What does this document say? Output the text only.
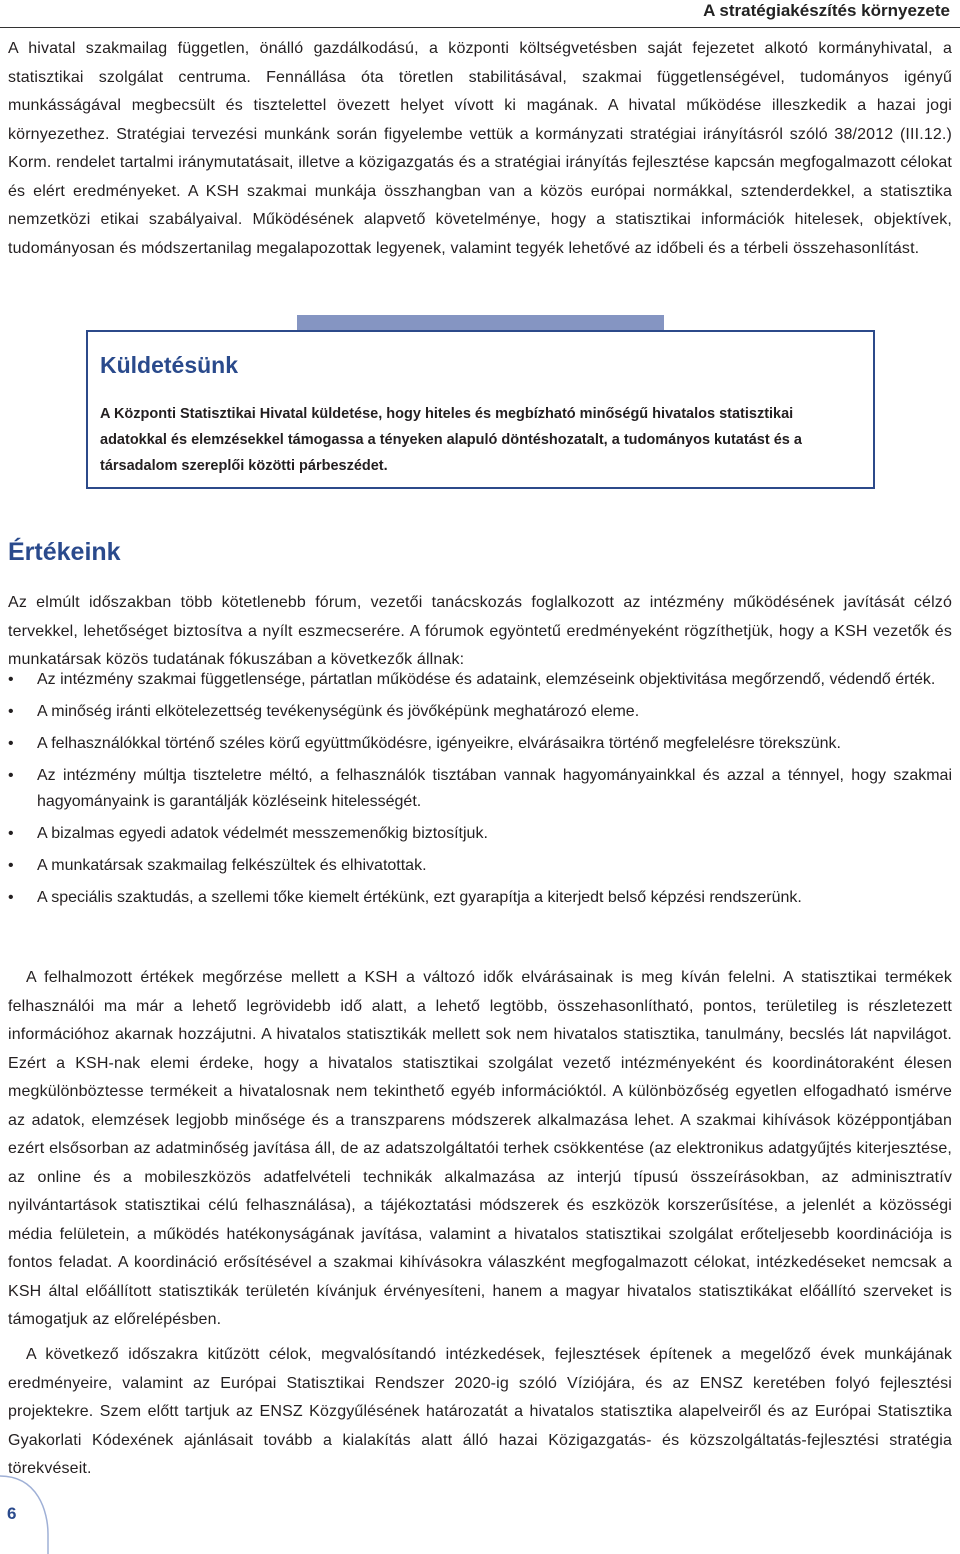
A stratégiakészítés környezete

A hivatal szakmailag független, önálló gazdálkodású, a központi költségvetésben saját fejezetet alkotó kormányhivatal, a statisztikai szolgálat centruma. Fennállása óta töretlen stabilitásával, szakmai függetlenségével, tudományos igényű munkásságával megbecsült és tisztelettel övezett helyet vívott ki magának. A hivatal működése illeszkedik a hazai jogi környezethez. Stratégiai tervezési munkánk során figyelembe vettük a kormányzati stratégiai irányításról szóló 38/2012 (III.12.) Korm. rendelet tartalmi iránymutatásait, illetve a közigazgatás és a stratégiai irányítás fejlesztése kapcsán megfogalmazott célokat és elért eredményeket. A KSH szakmai munkája összhangban van a közös európai normákkal, sztenderdekkel, a statisztika nemzetközi etikai szabályaival. Működésének alapvető követelménye, hogy a statisztikai információk hitelesek, objektívek, tudományosan és módszertanilag megalapozottak legyenek, valamint tegyék lehetővé az időbeli és a térbeli összehasonlítást.

Küldetésünk

A Központi Statisztikai Hivatal küldetése, hogy hiteles és megbízható minőségű hivatalos statisztikai adatokkal és elemzésekkel támogassa a tényeken alapuló döntéshozatalt, a tudományos kutatást és a társadalom szereplői közötti párbeszédet.

Értékeink

Az elmúlt időszakban több kötetlenebb fórum, vezetői tanácskozás foglalkozott az intézmény működésének javítását célzó tervekkel, lehetőséget biztosítva a nyílt eszmecserére. A fórumok egyöntetű eredményeként rögzíthetjük, hogy a KSH vezetők és munkatársak közös tudatának fókuszában a következők állnak:

• Az intézmény szakmai függetlensége, pártatlan működése és adataink, elemzéseink objektivitása megőrzendő, védendő érték.
• A minőség iránti elkötelezettség tevékenységünk és jövőképünk meghatározó eleme.
• A felhasználókkal történő széles körű együttműködésre, igényeikre, elvárásaikra történő megfelelésre törekszünk.
• Az intézmény múltja tiszteletre méltó, a felhasználók tisztában vannak hagyományainkkal és azzal a ténnyel, hogy szakmai hagyományaink is garantálják közléseink hitelességét.
• A bizalmas egyedi adatok védelmét messzemenőkig biztosítjuk.
• A munkatársak szakmailag felkészültek és elhivatottak.
• A speciális szaktudás, a szellemi tőke kiemelt értékünk, ezt gyarapítja a kiterjedt belső képzési rendszerünk.

A felhalmozott értékek megőrzése mellett a KSH a változó idők elvárásainak is meg kíván felelni. A statisztikai termékek felhasználói ma már a lehető legrövidebb idő alatt, a lehető legtöbb, összehasonlítható, pontos, területileg is részletezett információhoz akarnak hozzájutni. A hivatalos statisztikák mellett sok nem hivatalos statisztika, tanulmány, becslés lát napvilágot. Ezért a KSH-nak elemi érdeke, hogy a hivatalos statisztikai szolgálat vezető intézményeként és koordinátoraként élesen megkülönböztesse termékeit a hivatalosnak nem tekinthető egyéb információktól. A különbözőség egyetlen elfogadható ismérve az adatok, elemzések legjobb minősége és a transzparens módszerek alkalmazása lehet. A szakmai kihívások középpontjában ezért elsősorban az adatminőség javítása áll, de az adatszolgáltatói terhek csökkentése (az elektronikus adatgyűjtés kiterjesztése, az online és a mobileszközös adatfelvételi technikák alkalmazása az interjú típusú összeírásokban, az adminisztratív nyilvántartások statisztikai célú felhasználása), a tájékoztatási módszerek és eszközök korszerűsítése, a jelenlét a közösségi média felületein, a működés hatékonyságának javítása, valamint a hivatalos statisztikai szolgálat erőteljesebb koordinációja is fontos feladat. A koordináció erősítésével a szakmai kihívásokra válaszként megfogalmazott célokat, intézkedéseket nemcsak a KSH által előállított statisztikák területén kívánjuk érvényesíteni, hanem a magyar hivatalos statisztikákat előállító szerveket is támogatjuk az előrelépésben.

A következő időszakra kitűzött célok, megvalósítandó intézkedések, fejlesztések építenek a megelőző évek munkájának eredményeire, valamint az Európai Statisztikai Rendszer 2020-ig szóló Víziójára, és az ENSZ keretében folyó fejlesztési projektekre. Szem előtt tartjuk az ENSZ Közgyűlésének határozatát a hivatalos statisztika alapelveiről és az Európai Statisztika Gyakorlati Kódexének ajánlásait tovább a kialakítás alatt álló hazai Közigazgatás- és közszolgáltatás-fejlesztési stratégia törekvéseit.

6
